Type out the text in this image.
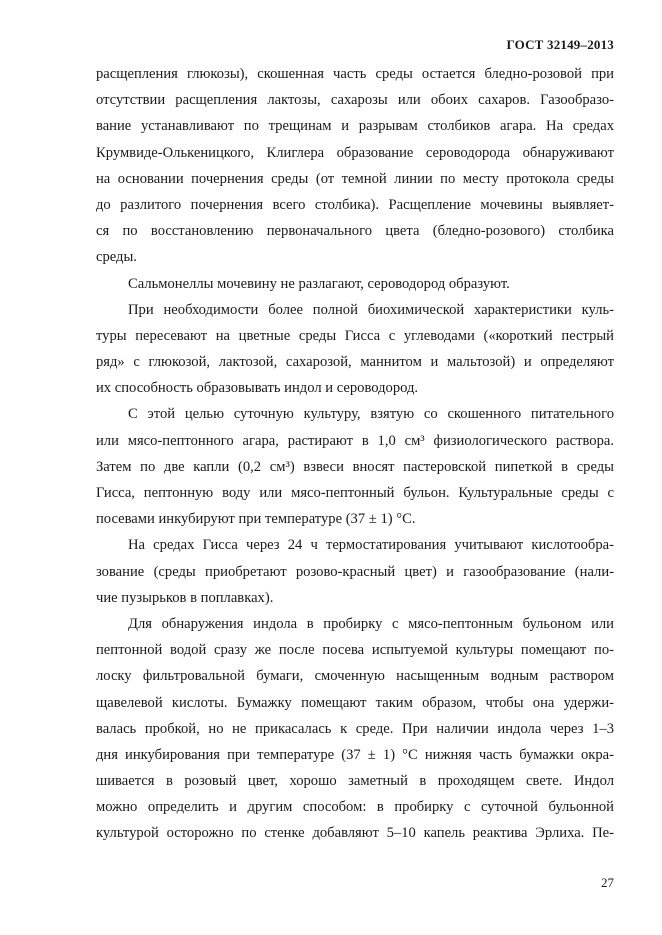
ГОСТ 32149–2013
расщепления глюкозы), скошенная часть среды остается бледно-розовой при
отсутствии расщепления лактозы, сахарозы или обоих сахаров. Газообразо-
вание устанавливают по трещинам и разрывам столбиков агара. На средах
Крумвиде-Олькеницкого, Клиглера образование сероводорода обнаруживают
на основании почернения среды (от темной линии по месту протокола среды
до разлитого почернения всего столбика). Расщепление мочевины выявляет-
ся по восстановлению первоначального цвета (бледно-розового) столбика
среды.
Сальмонеллы мочевину не разлагают, сероводород образуют.
При необходимости более полной биохимической характеристики куль-
туры пересевают на цветные среды Гисса с углеводами («короткий пестрый
ряд» с глюкозой, лактозой, сахарозой, маннитом и мальтозой) и определяют
их способность образовывать индол и сероводород.
С этой целью суточную культуру, взятую со скошенного питательного
или мясо-пептонного агара, растирают в 1,0 см³ физиологического раствора.
Затем по две капли (0,2 см³) взвеси вносят пастеровской пипеткой в среды
Гисса, пептонную воду или мясо-пептонный бульон. Культуральные среды с
посевами инкубируют при температуре (37 ± 1) °С.
На средах Гисса через 24 ч термостатирования учитывают кислотообра-
зование (среды приобретают розово-красный цвет) и газообразование (нали-
чие пузырьков в поплавках).
Для обнаружения индола в пробирку с мясо-пептонным бульоном или
пептонной водой сразу же после посева испытуемой культуры помещают по-
лоску фильтровальной бумаги, смоченную насыщенным водным раствором
щавелевой кислоты. Бумажку помещают таким образом, чтобы она удержи-
валась пробкой, но не прикасалась к среде. При наличии индола через 1–3
дня инкубирования при температуре (37 ± 1) °С нижняя часть бумажки окра-
шивается в розовый цвет, хорошо заметный в проходящем свете. Индол
можно определить и другим способом: в пробирку с суточной бульонной
культурой осторожно по стенке добавляют 5–10 капель реактива Эрлиха. Пе-
27
